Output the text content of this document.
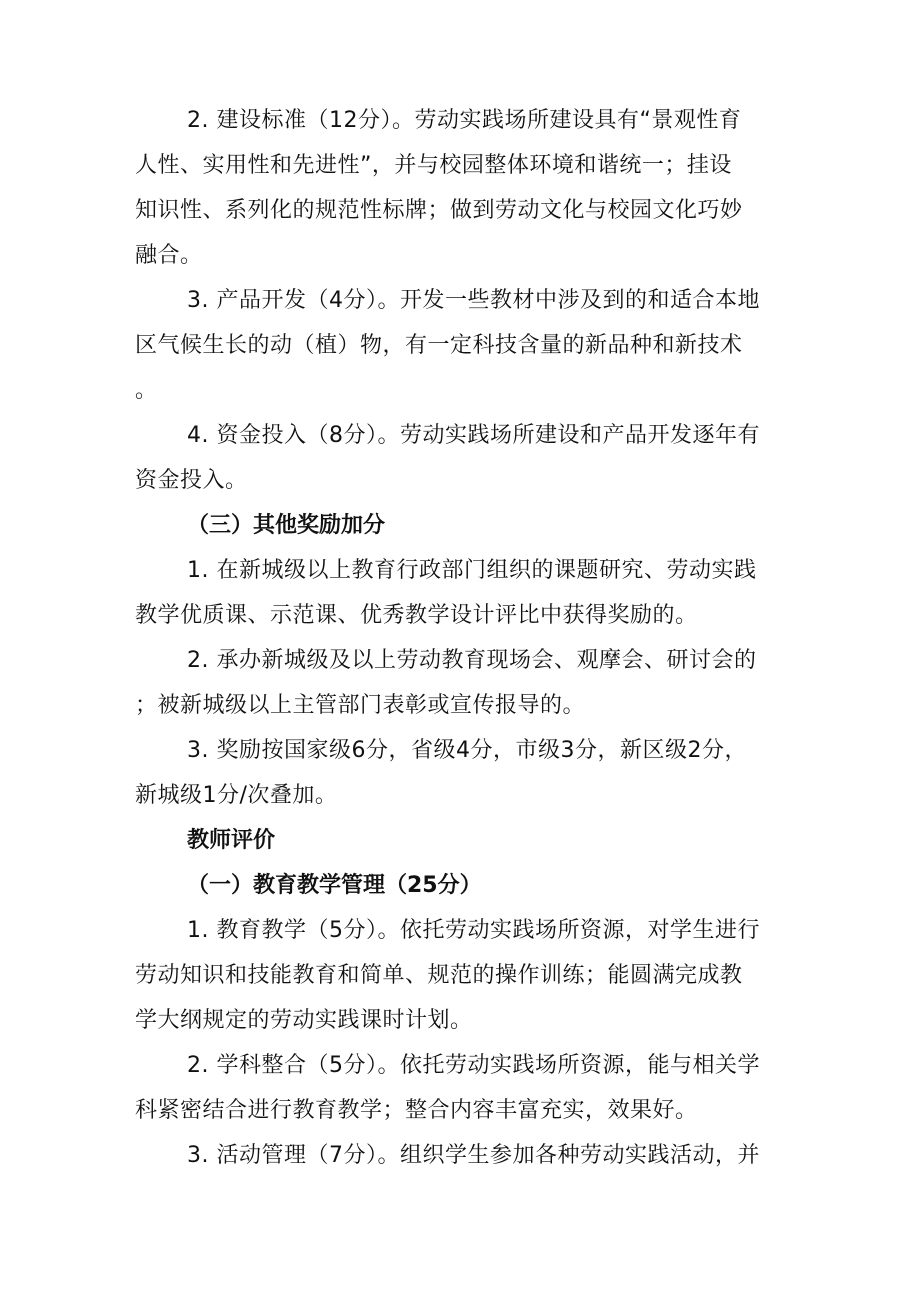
2. 建设标准（12分）。劳动实践场所建设具有“景观性育
人性、实用性和先进性”，并与校园整体环境和谐统一；挂设
知识性、系列化的规范性标牌；做到劳动文化与校园文化巧妙
融合。
3. 产品开发（4分）。开发一些教材中涉及到的和适合本地
区气候生长的动（植）物，有一定科技含量的新品种和新技术
。
4. 资金投入（8分）。劳动实践场所建设和产品开发逐年有
资金投入。
（三）其他奖励加分
1. 在新城级以上教育行政部门组织的课题研究、劳动实践
教学优质课、示范课、优秀教学设计评比中获得奖励的。
2. 承办新城级及以上劳动教育现场会、观摩会、研讨会的
；被新城级以上主管部门表彰或宣传报导的。
3. 奖励按国家级6分，省级4分，市级3分，新区级2分，
新城级1分/次叠加。
教师评价
（一）教育教学管理（25分）
1. 教育教学（5分）。依托劳动实践场所资源，对学生进行
劳动知识和技能教育和简单、规范的操作训练；能圆满完成教
学大纲规定的劳动实践课时计划。
2. 学科整合（5分）。依托劳动实践场所资源，能与相关学
科紧密结合进行教育教学；整合内容丰富充实，效果好。
3. 活动管理（7分）。组织学生参加各种劳动实践活动，并
